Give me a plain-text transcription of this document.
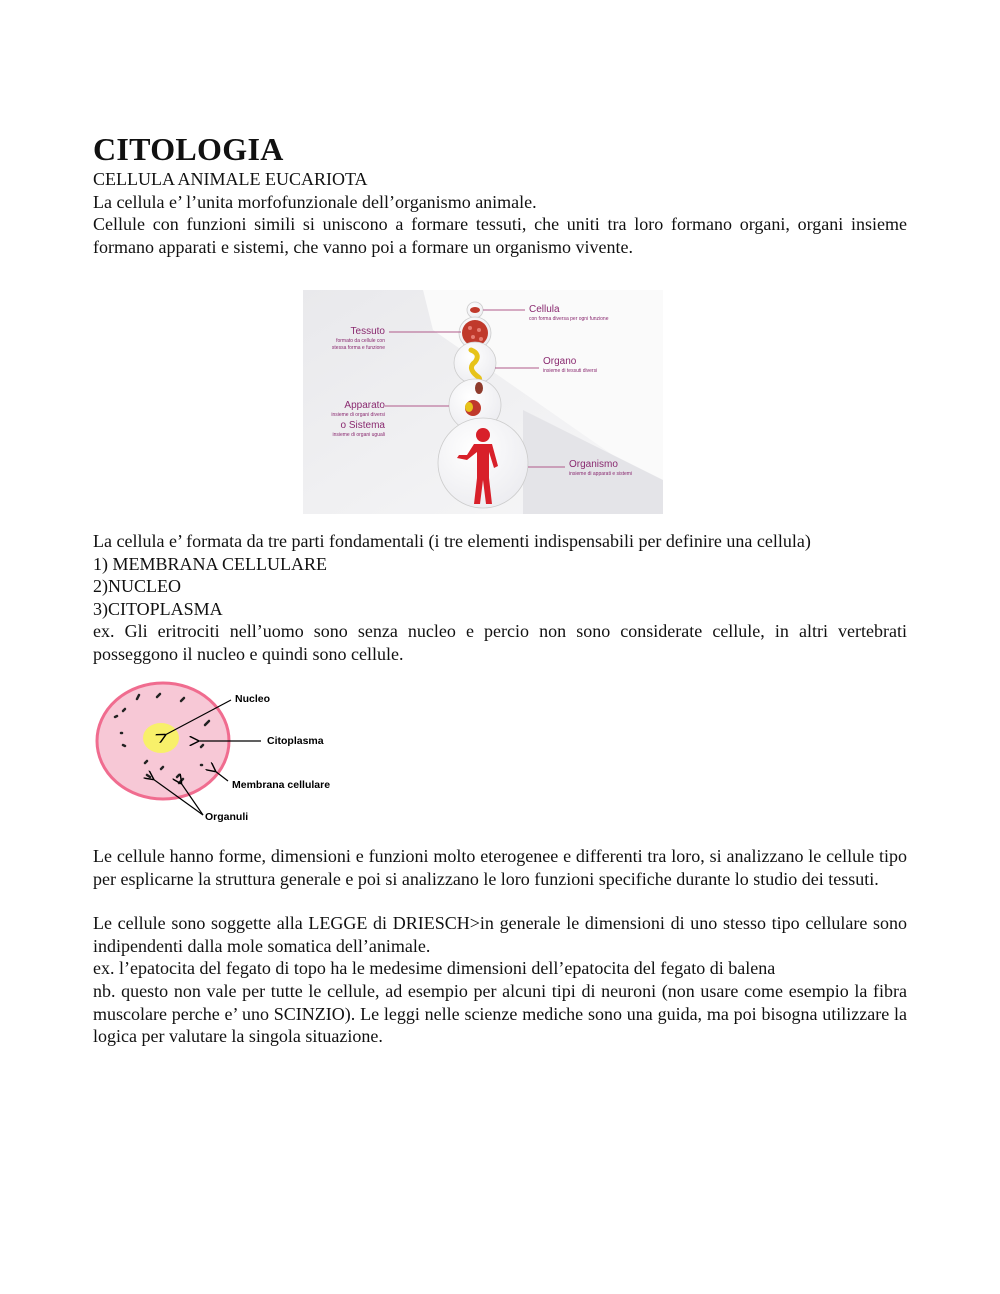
CITOLOGIA

CELLULA ANIMALE EUCARIOTA

La cellula e’ l’unita morfofunzionale dell’organismo animale.

Cellule con funzioni simili si uniscono a formare tessuti, che uniti tra loro formano organi, organi insieme formano apparati e sistemi, che vanno poi a formare un organismo vivente.

Cellula
con forma diversa per ogni funzione
Tessuto
formato da cellule con
stessa forma e funzione
Organo
insieme di tessuti diversi
Apparato
insieme di organi diversi
o Sistema
insieme di organi uguali
Organismo
insieme di apparati e sistemi

La cellula e’ formata da tre parti fondamentali (i tre elementi indispensabili per definire una cellula)

1) MEMBRANA CELLULARE

2)NUCLEO

3)CITOPLASMA

ex. Gli eritrociti nell’uomo sono senza nucleo e percio non sono considerate cellule, in altri vertebrati posseggono il nucleo e quindi sono cellule.

Nucleo
Citoplasma
Membrana cellulare
Organuli

Le cellule hanno forme, dimensioni e funzioni molto eterogenee e differenti tra loro, si analizzano le cellule tipo per esplicarne la struttura generale e poi si analizzano le loro funzioni specifiche durante lo studio dei tessuti.

Le cellule sono soggette alla LEGGE di DRIESCH>in generale le dimensioni di uno stesso tipo cellulare sono indipendenti dalla mole somatica dell’animale.

ex. l’epatocita del fegato di topo ha le medesime dimensioni dell’epatocita del fegato di balena

nb. questo non vale per tutte le cellule, ad esempio per alcuni tipi di neuroni (non usare come esempio la fibra muscolare perche e’ uno SCINZIO). Le leggi nelle scienze mediche sono una guida, ma poi bisogna utilizzare la logica per valutare la singola situazione.
